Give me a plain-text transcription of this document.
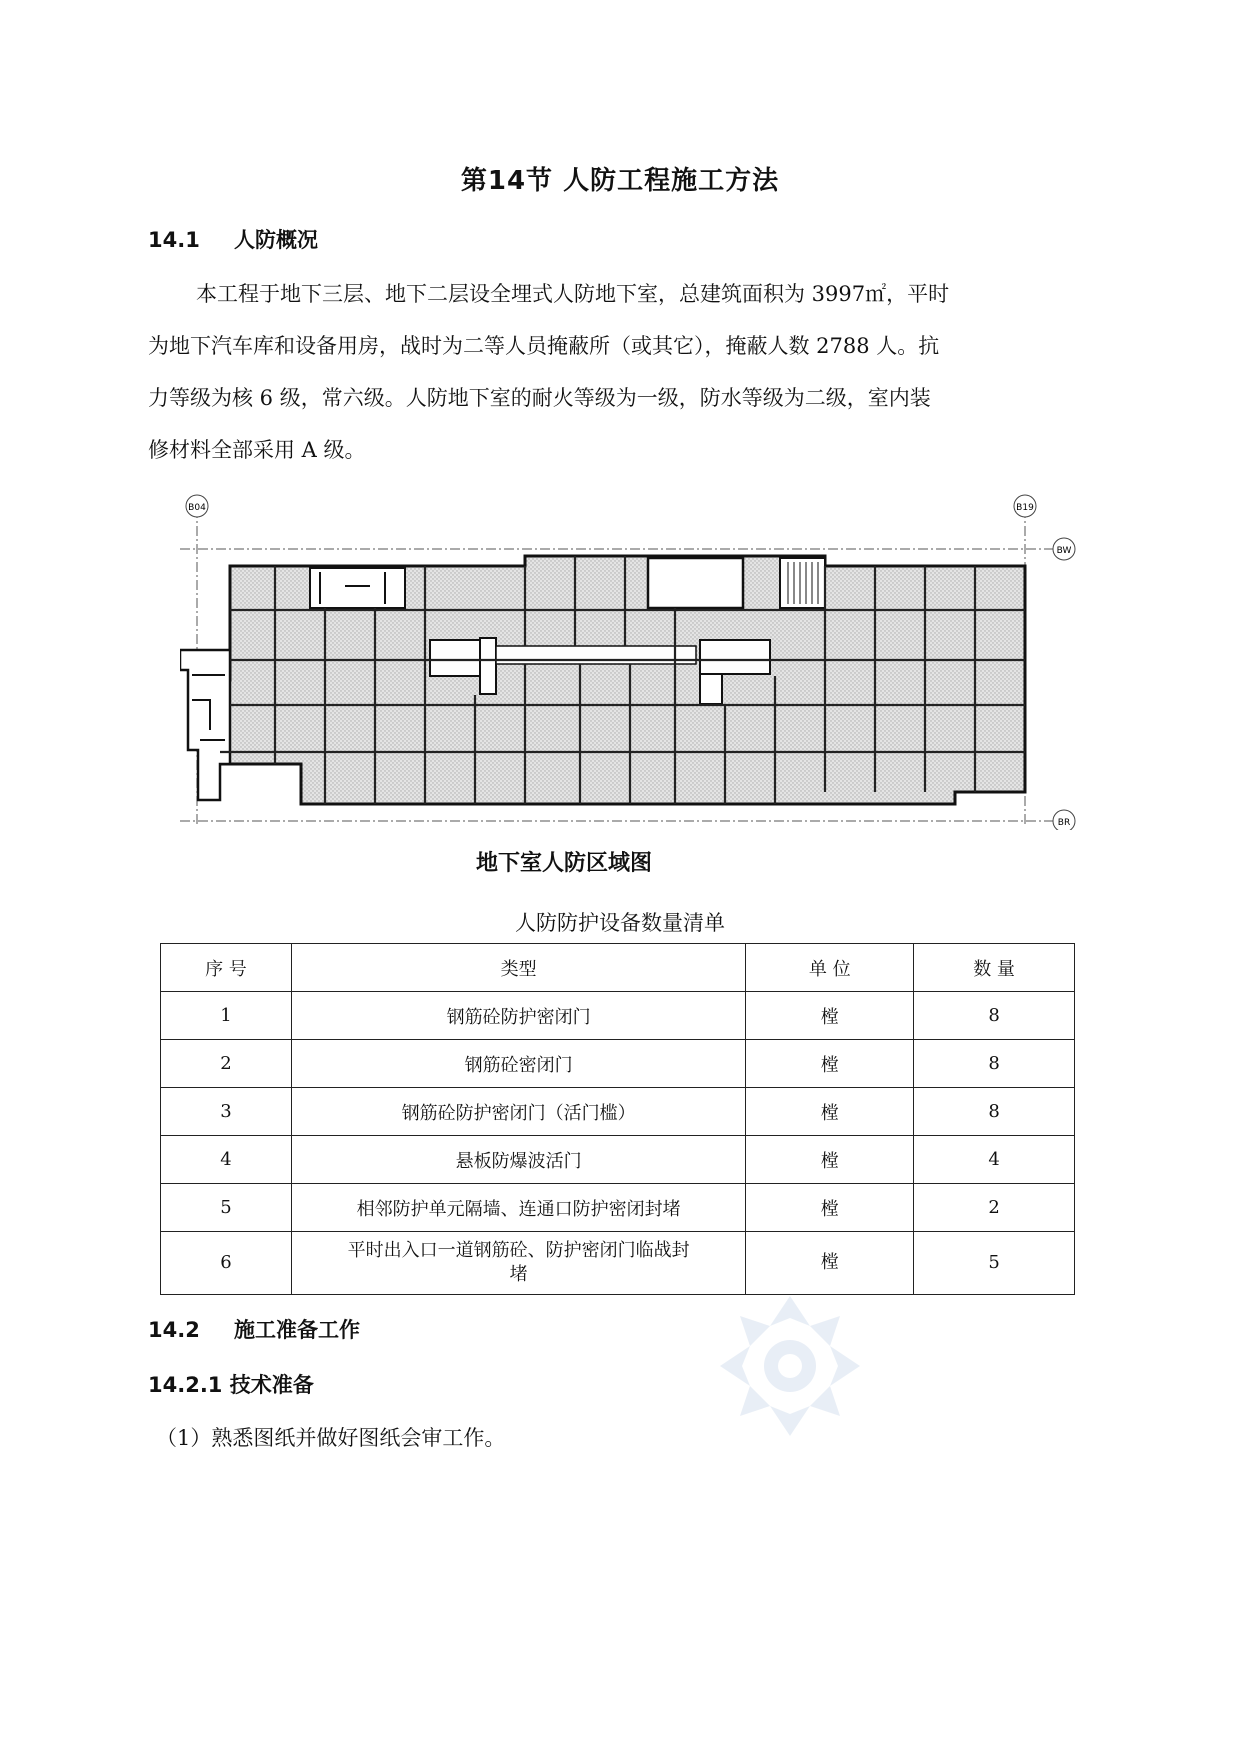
第14节 人防工程施工方法
14.1 人防概况
本工程于地下三层、地下二层设全埋式人防地下室，总建筑面积为 3997㎡，平时
为地下汽车库和设备用房，战时为二等人员掩蔽所（或其它），掩蔽人数 2788 人。抗
力等级为核 6 级，常六级。人防地下室的耐火等级为一级，防水等级为二级，室内装
修材料全部采用 A 级。
B04	B19
BW
BR
地下室人防区域图
人防防护设备数量清单
序 号	类型	单 位	数 量
1	钢筋砼防护密闭门	樘	8
2	钢筋砼密闭门	樘	8
3	钢筋砼防护密闭门（活门槛）	樘	8
4	悬板防爆波活门	樘	4
5	相邻防护单元隔墙、连通口防护密闭封堵	樘	2
6	平时出入口一道钢筋砼、防护密闭门临战封
堵	樘	5
14.2 施工准备工作
14.2.1 技术准备
（1）熟悉图纸并做好图纸会审工作。
